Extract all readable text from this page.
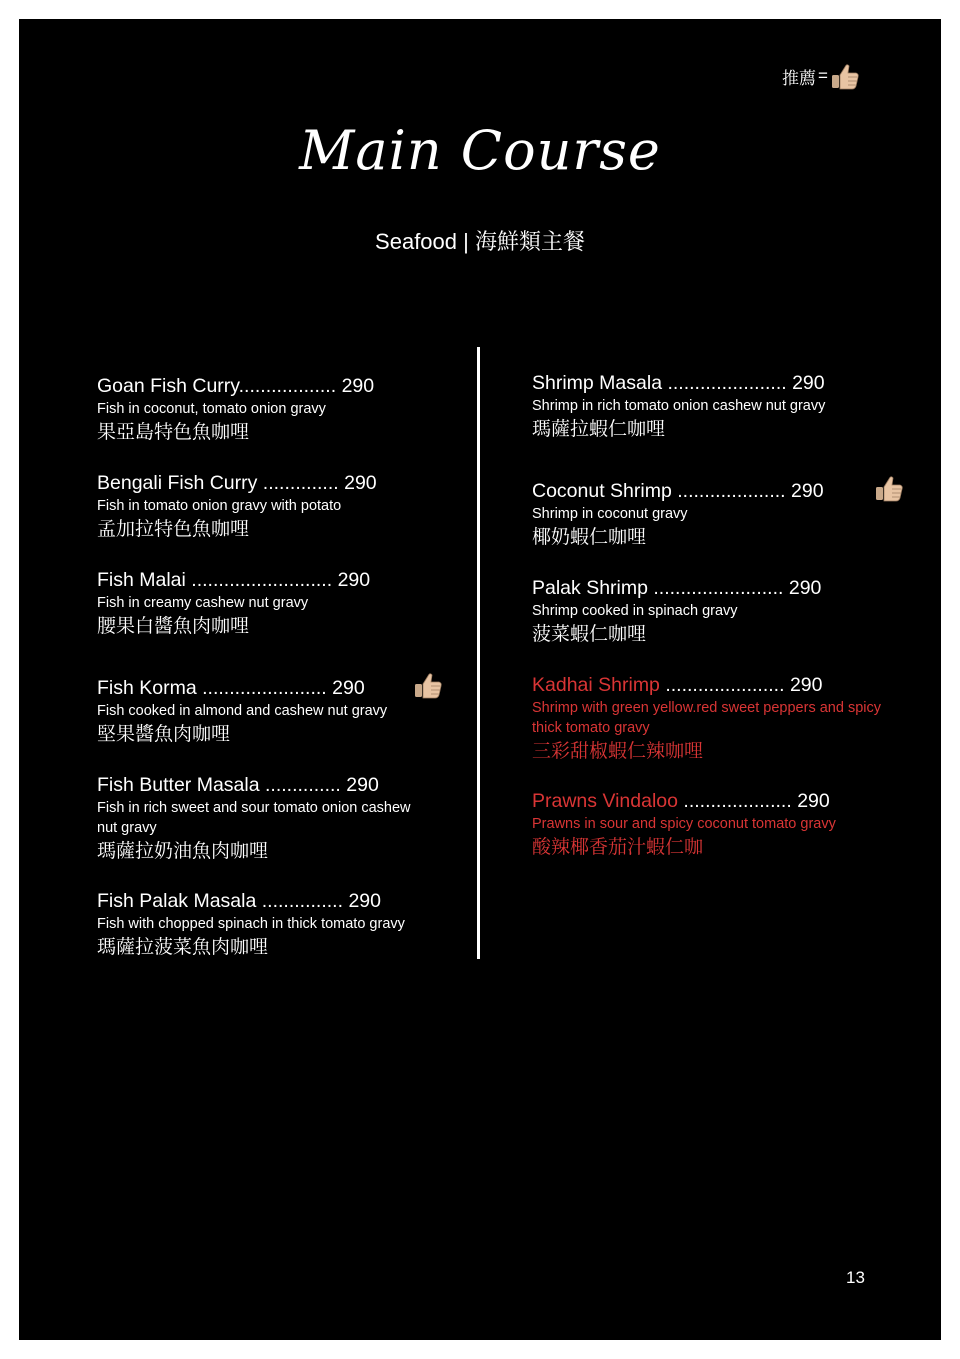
推薦 =
Main Course
Seafood | 海鮮類主餐
Goan Fish Curry.................. 290
Fish in coconut, tomato onion gravy
果亞島特色魚咖哩
Bengali Fish Curry .............. 290
Fish in tomato onion gravy with potato
孟加拉特色魚咖哩
Fish Malai .......................... 290
Fish in creamy cashew nut gravy
腰果白醬魚肉咖哩
Fish Korma ....................... 290
Fish cooked in almond and cashew nut gravy
堅果醬魚肉咖哩
Fish Butter Masala .............. 290
Fish in rich sweet and sour tomato onion cashew nut gravy
瑪薩拉奶油魚肉咖哩
Fish Palak Masala ............... 290
Fish with chopped spinach in thick tomato gravy
瑪薩拉菠菜魚肉咖哩
Shrimp Masala ...................... 290
Shrimp in rich tomato onion cashew nut gravy
瑪薩拉蝦仁咖哩
Coconut Shrimp .................... 290
Shrimp in coconut gravy
椰奶蝦仁咖哩
Palak Shrimp ........................ 290
Shrimp cooked in spinach gravy
菠菜蝦仁咖哩
Kadhai Shrimp ...................... 290
Shrimp with green yellow.red sweet peppers and spicy thick tomato gravy
三彩甜椒蝦仁辣咖哩
Prawns Vindaloo .................... 290
Prawns in sour and spicy coconut tomato gravy
酸辣椰香茄汁蝦仁咖
13
